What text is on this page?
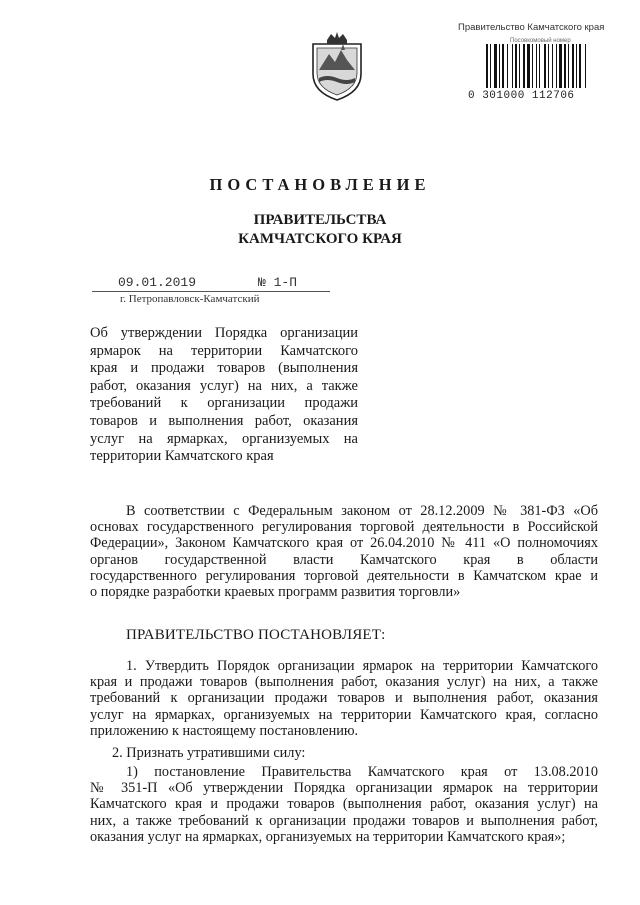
Правительство Камчатского края
Посовкомовый номер
0 301000 112706
ПОСТАНОВЛЕНИЕ
ПРАВИТЕЛЬСТВА
КАМЧАТСКОГО КРАЯ
09.01.2019	№ 1-П
г. Петропавловск-Камчатский
Об утверждении Порядка организации
ярмарок на территории Камчатского
края и продажи товаров (выполнения
работ, оказания услуг) на них, а также
требований к организации продажи
товаров и выполнения работ, оказания
услуг на ярмарках, организуемых на
территории Камчатского края
В соответствии с Федеральным законом от 28.12.2009 № 381-ФЗ «Об
основах государственного регулирования торговой деятельности в Российской
Федерации», Законом Камчатского края от 26.04.2010 № 411 «О полномочиях
органов государственной власти Камчатского края в области
государственного регулирования торговой деятельности в Камчатском крае и
о порядке разработки краевых программ развития торговли»
ПРАВИТЕЛЬСТВО ПОСТАНОВЛЯЕТ:
1. Утвердить Порядок организации ярмарок на территории Камчатского
края и продажи товаров (выполнения работ, оказания услуг) на них, а также
требований к организации продажи товаров и выполнения работ, оказания
услуг на ярмарках, организуемых на территории Камчатского края, согласно
приложению к настоящему постановлению.
2. Признать утратившими силу:
1) постановление Правительства Камчатского края от 13.08.2010
№ 351-П «Об утверждении Порядка организации ярмарок на территории
Камчатского края и продажи товаров (выполнения работ, оказания услуг) на
них, а также требований к организации продажи товаров и выполнения работ,
оказания услуг на ярмарках, организуемых на территории Камчатского края»;
